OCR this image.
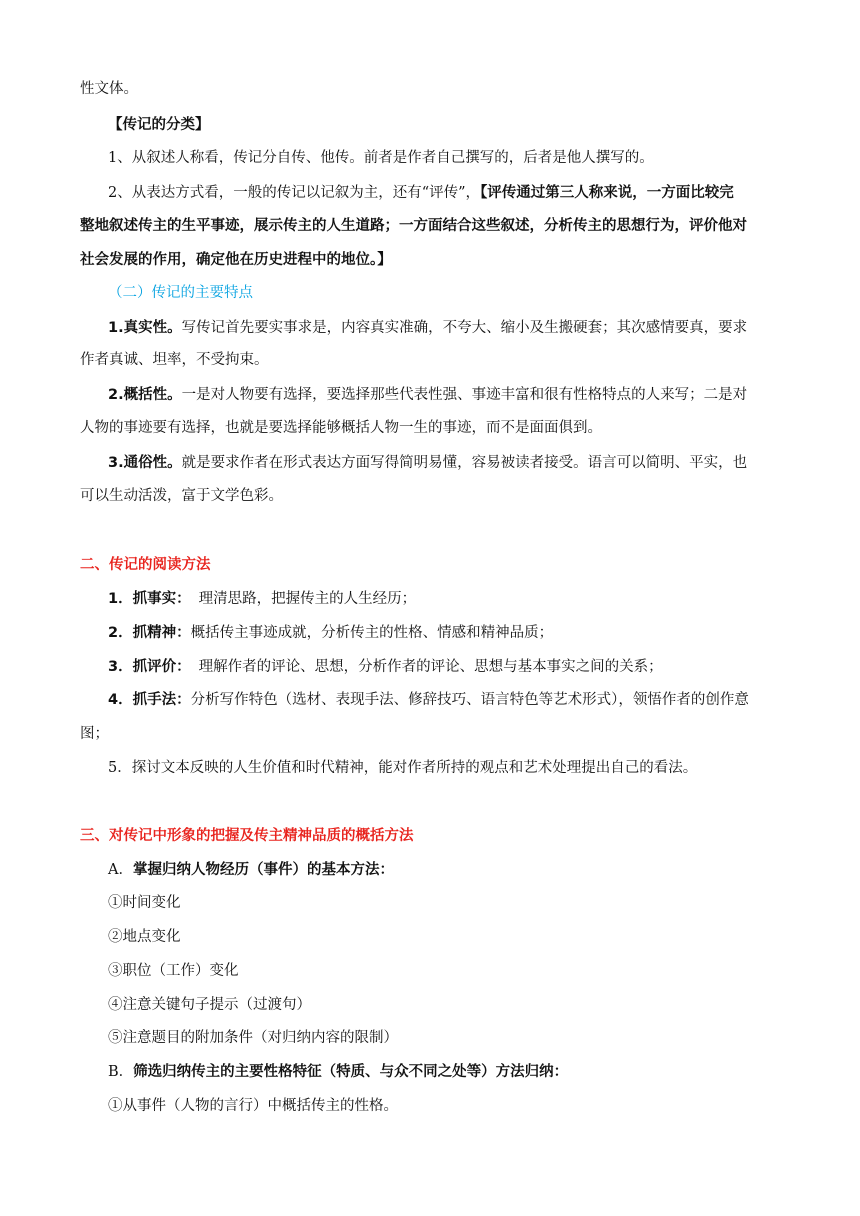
性文体。
【传记的分类】
1、从叙述人称看，传记分自传、他传。前者是作者自己撰写的，后者是他人撰写的。
2、从表达方式看，一般的传记以记叙为主，还有“评传”，【评传通过第三人称来说，一方面比较完
整地叙述传主的生平事迹，展示传主的人生道路；一方面结合这些叙述，分析传主的思想行为，评价他对
社会发展的作用，确定他在历史进程中的地位。】
（二）传记的主要特点
1.真实性。写传记首先要实事求是，内容真实准确，不夸大、缩小及生搬硬套；其次感情要真，要求
作者真诚、坦率，不受拘束。
2.概括性。一是对人物要有选择，要选择那些代表性强、事迹丰富和很有性格特点的人来写；二是对
人物的事迹要有选择，也就是要选择能够概括人物一生的事迹，而不是面面俱到。
3.通俗性。就是要求作者在形式表达方面写得简明易懂，容易被读者接受。语言可以简明、平实，也
可以生动活泼，富于文学色彩。
二、传记的阅读方法
1．抓事实： 理清思路，把握传主的人生经历；
2．抓精神：概括传主事迹成就，分析传主的性格、情感和精神品质；
3．抓评价： 理解作者的评论、思想，分析作者的评论、思想与基本事实之间的关系；
4．抓手法：分析写作特色（选材、表现手法、修辞技巧、语言特色等艺术形式），领悟作者的创作意
图；
5．探讨文本反映的人生价值和时代精神，能对作者所持的观点和艺术处理提出自己的看法。
三、对传记中形象的把握及传主精神品质的概括方法
A．掌握归纳人物经历（事件）的基本方法：
①时间变化
②地点变化
③职位（工作）变化
④注意关键句子提示（过渡句）
⑤注意题目的附加条件（对归纳内容的限制）
B．筛选归纳传主的主要性格特征（特质、与众不同之处等）方法归纳：
①从事件（人物的言行）中概括传主的性格。
